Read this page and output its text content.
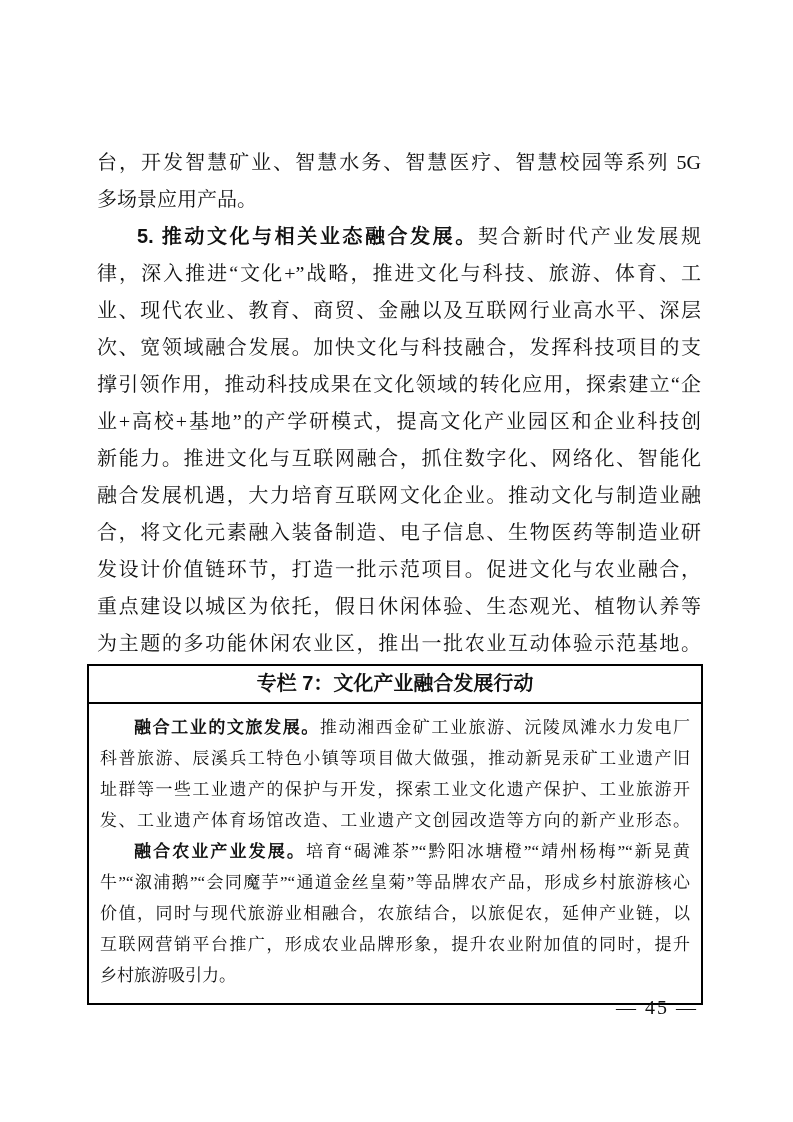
台，开发智慧矿业、智慧水务、智慧医疗、智慧校园等系列 5G
多场景应用产品。
5. 推动文化与相关业态融合发展。契合新时代产业发展规
律，深入推进“文化+”战略，推进文化与科技、旅游、体育、工
业、现代农业、教育、商贸、金融以及互联网行业高水平、深层
次、宽领域融合发展。加快文化与科技融合，发挥科技项目的支
撑引领作用，推动科技成果在文化领域的转化应用，探索建立“企
业+高校+基地”的产学研模式，提高文化产业园区和企业科技创
新能力。推进文化与互联网融合，抓住数字化、网络化、智能化
融合发展机遇，大力培育互联网文化企业。推动文化与制造业融
合，将文化元素融入装备制造、电子信息、生物医药等制造业研
发设计价值链环节，打造一批示范项目。促进文化与农业融合，
重点建设以城区为依托，假日休闲体验、生态观光、植物认养等
为主题的多功能休闲农业区，推出一批农业互动体验示范基地。
专栏 7：文化产业融合发展行动
融合工业的文旅发展。推动湘西金矿工业旅游、沅陵凤滩水力发电厂
科普旅游、辰溪兵工特色小镇等项目做大做强，推动新晃汞矿工业遗产旧
址群等一些工业遗产的保护与开发，探索工业文化遗产保护、工业旅游开
发、工业遗产体育场馆改造、工业遗产文创园改造等方向的新产业形态。
融合农业产业发展。培育“碣滩茶”“黔阳冰塘橙”“靖州杨梅”“新晃黄
牛”“溆浦鹅”“会同魔芋”“通道金丝皇菊”等品牌农产品，形成乡村旅游核心
价值，同时与现代旅游业相融合，农旅结合，以旅促农，延伸产业链，以
互联网营销平台推广，形成农业品牌形象，提升农业附加值的同时，提升
乡村旅游吸引力。
— 45 —
